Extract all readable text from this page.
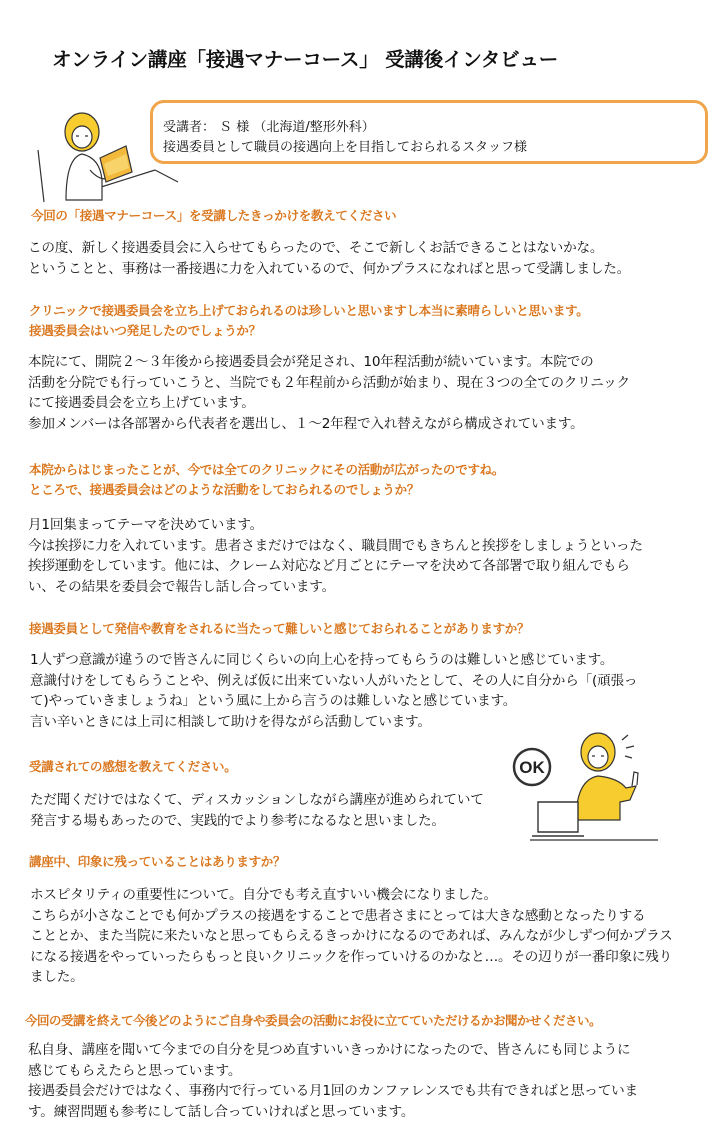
オンライン講座「接遇マナーコース」 受講後インタビュー
受講者： Ｓ 様 （北海道/整形外科）
接遇委員として職員の接遇向上を目指しておられるスタッフ様
今回の「接遇マナーコース」を受講したきっかけを教えてください
この度、新しく接遇委員会に入らせてもらったので、そこで新しくお話できることはないかな。
ということと、事務は一番接遇に力を入れているので、何かプラスになればと思って受講しました。
クリニックで接遇委員会を立ち上げておられるのは珍しいと思いますし本当に素晴らしいと思います。
接遇委員会はいつ発足したのでしょうか？
本院にて、開院２～３年後から接遇委員会が発足され、10年程活動が続いています。本院での
活動を分院でも行っていこうと、当院でも２年程前から活動が始まり、現在３つの全てのクリニック
にて接遇委員会を立ち上げています。
参加メンバーは各部署から代表者を選出し、１～2年程で入れ替えながら構成されています。
本院からはじまったことが、今では全てのクリニックにその活動が広がったのですね。
ところで、接遇委員会はどのような活動をしておられるのでしょうか？
月1回集まってテーマを決めています。
今は挨拶に力を入れています。患者さまだけではなく、職員間でもきちんと挨拶をしましょうといった
挨拶運動をしています。他には、クレーム対応など月ごとにテーマを決めて各部署で取り組んでもら
い、その結果を委員会で報告し話し合っています。
接遇委員として発信や教育をされるに当たって難しいと感じておられることがありますか？
1人ずつ意識が違うので皆さんに同じくらいの向上心を持ってもらうのは難しいと感じています。
意識付けをしてもらうことや、例えば仮に出来ていない人がいたとして、その人に自分から「(頑張っ
て)やっていきましょうね」という風に上から言うのは難しいなと感じています。
言い辛いときには上司に相談して助けを得ながら活動しています。
受講されての感想を教えてください。
ただ聞くだけではなくて、ディスカッションしながら講座が進められていて
発言する場もあったので、実践的でより参考になるなと思いました。
OK
講座中、印象に残っていることはありますか？
ホスピタリティの重要性について。自分でも考え直すいい機会になりました。
こちらが小さなことでも何かプラスの接遇をすることで患者さまにとっては大きな感動となったりする
こととか、また当院に来たいなと思ってもらえるきっかけになるのであれば、みんなが少しずつ何かプラス
になる接遇をやっていったらもっと良いクリニックを作っていけるのかなと…。その辺りが一番印象に残り
ました。
今回の受講を終えて今後どのようにご自身や委員会の活動にお役に立てていただけるかお聞かせください。
私自身、講座を聞いて今までの自分を見つめ直すいいきっかけになったので、皆さんにも同じように
感じてもらえたらと思っています。
接遇委員会だけではなく、事務内で行っている月1回のカンファレンスでも共有できればと思っていま
す。練習問題も参考にして話し合っていければと思っています。
